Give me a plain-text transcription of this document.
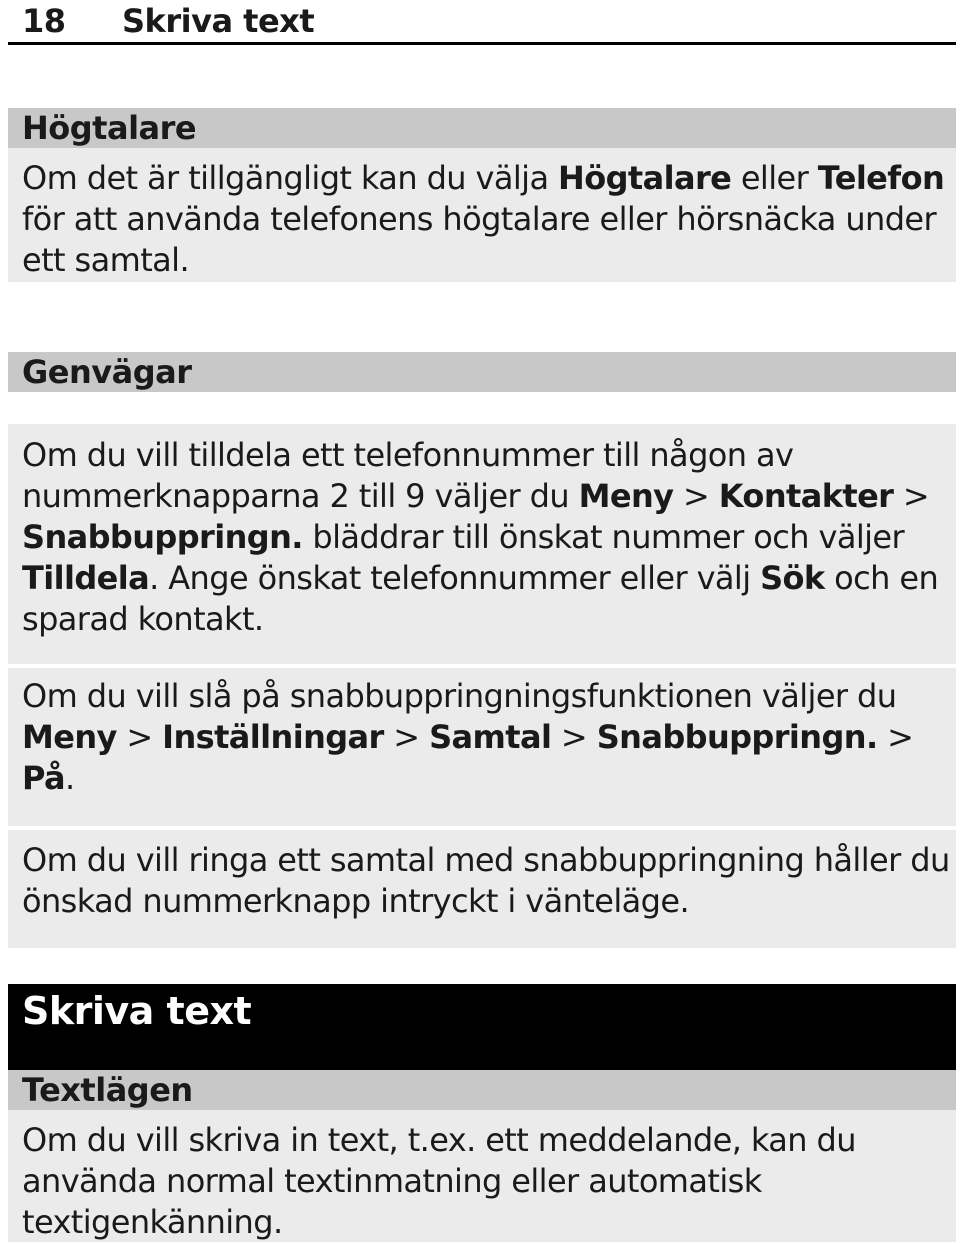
18	Skriva text
Högtalare

Om det är tillgängligt kan du välja Högtalare eller Telefon för att använda telefonens högtalare eller hörsnäcka under ett samtal.

Genvägar

Om du vill tilldela ett telefonnummer till någon av nummerknapparna 2 till 9 väljer du Meny > Kontakter > Snabbuppringn. bläddrar till önskat nummer och väljer Tilldela. Ange önskat telefonnummer eller välj Sök och en sparad kontakt.

Om du vill slå på snabbuppringningsfunktionen väljer du Meny > Inställningar > Samtal > Snabbuppringn. > På.

Om du vill ringa ett samtal med snabbuppringning håller du önskad nummerknapp intryckt i vänteläge.

Skriva text
Textlägen

Om du vill skriva in text, t.ex. ett meddelande, kan du använda normal textinmatning eller automatisk textigenkänning.
